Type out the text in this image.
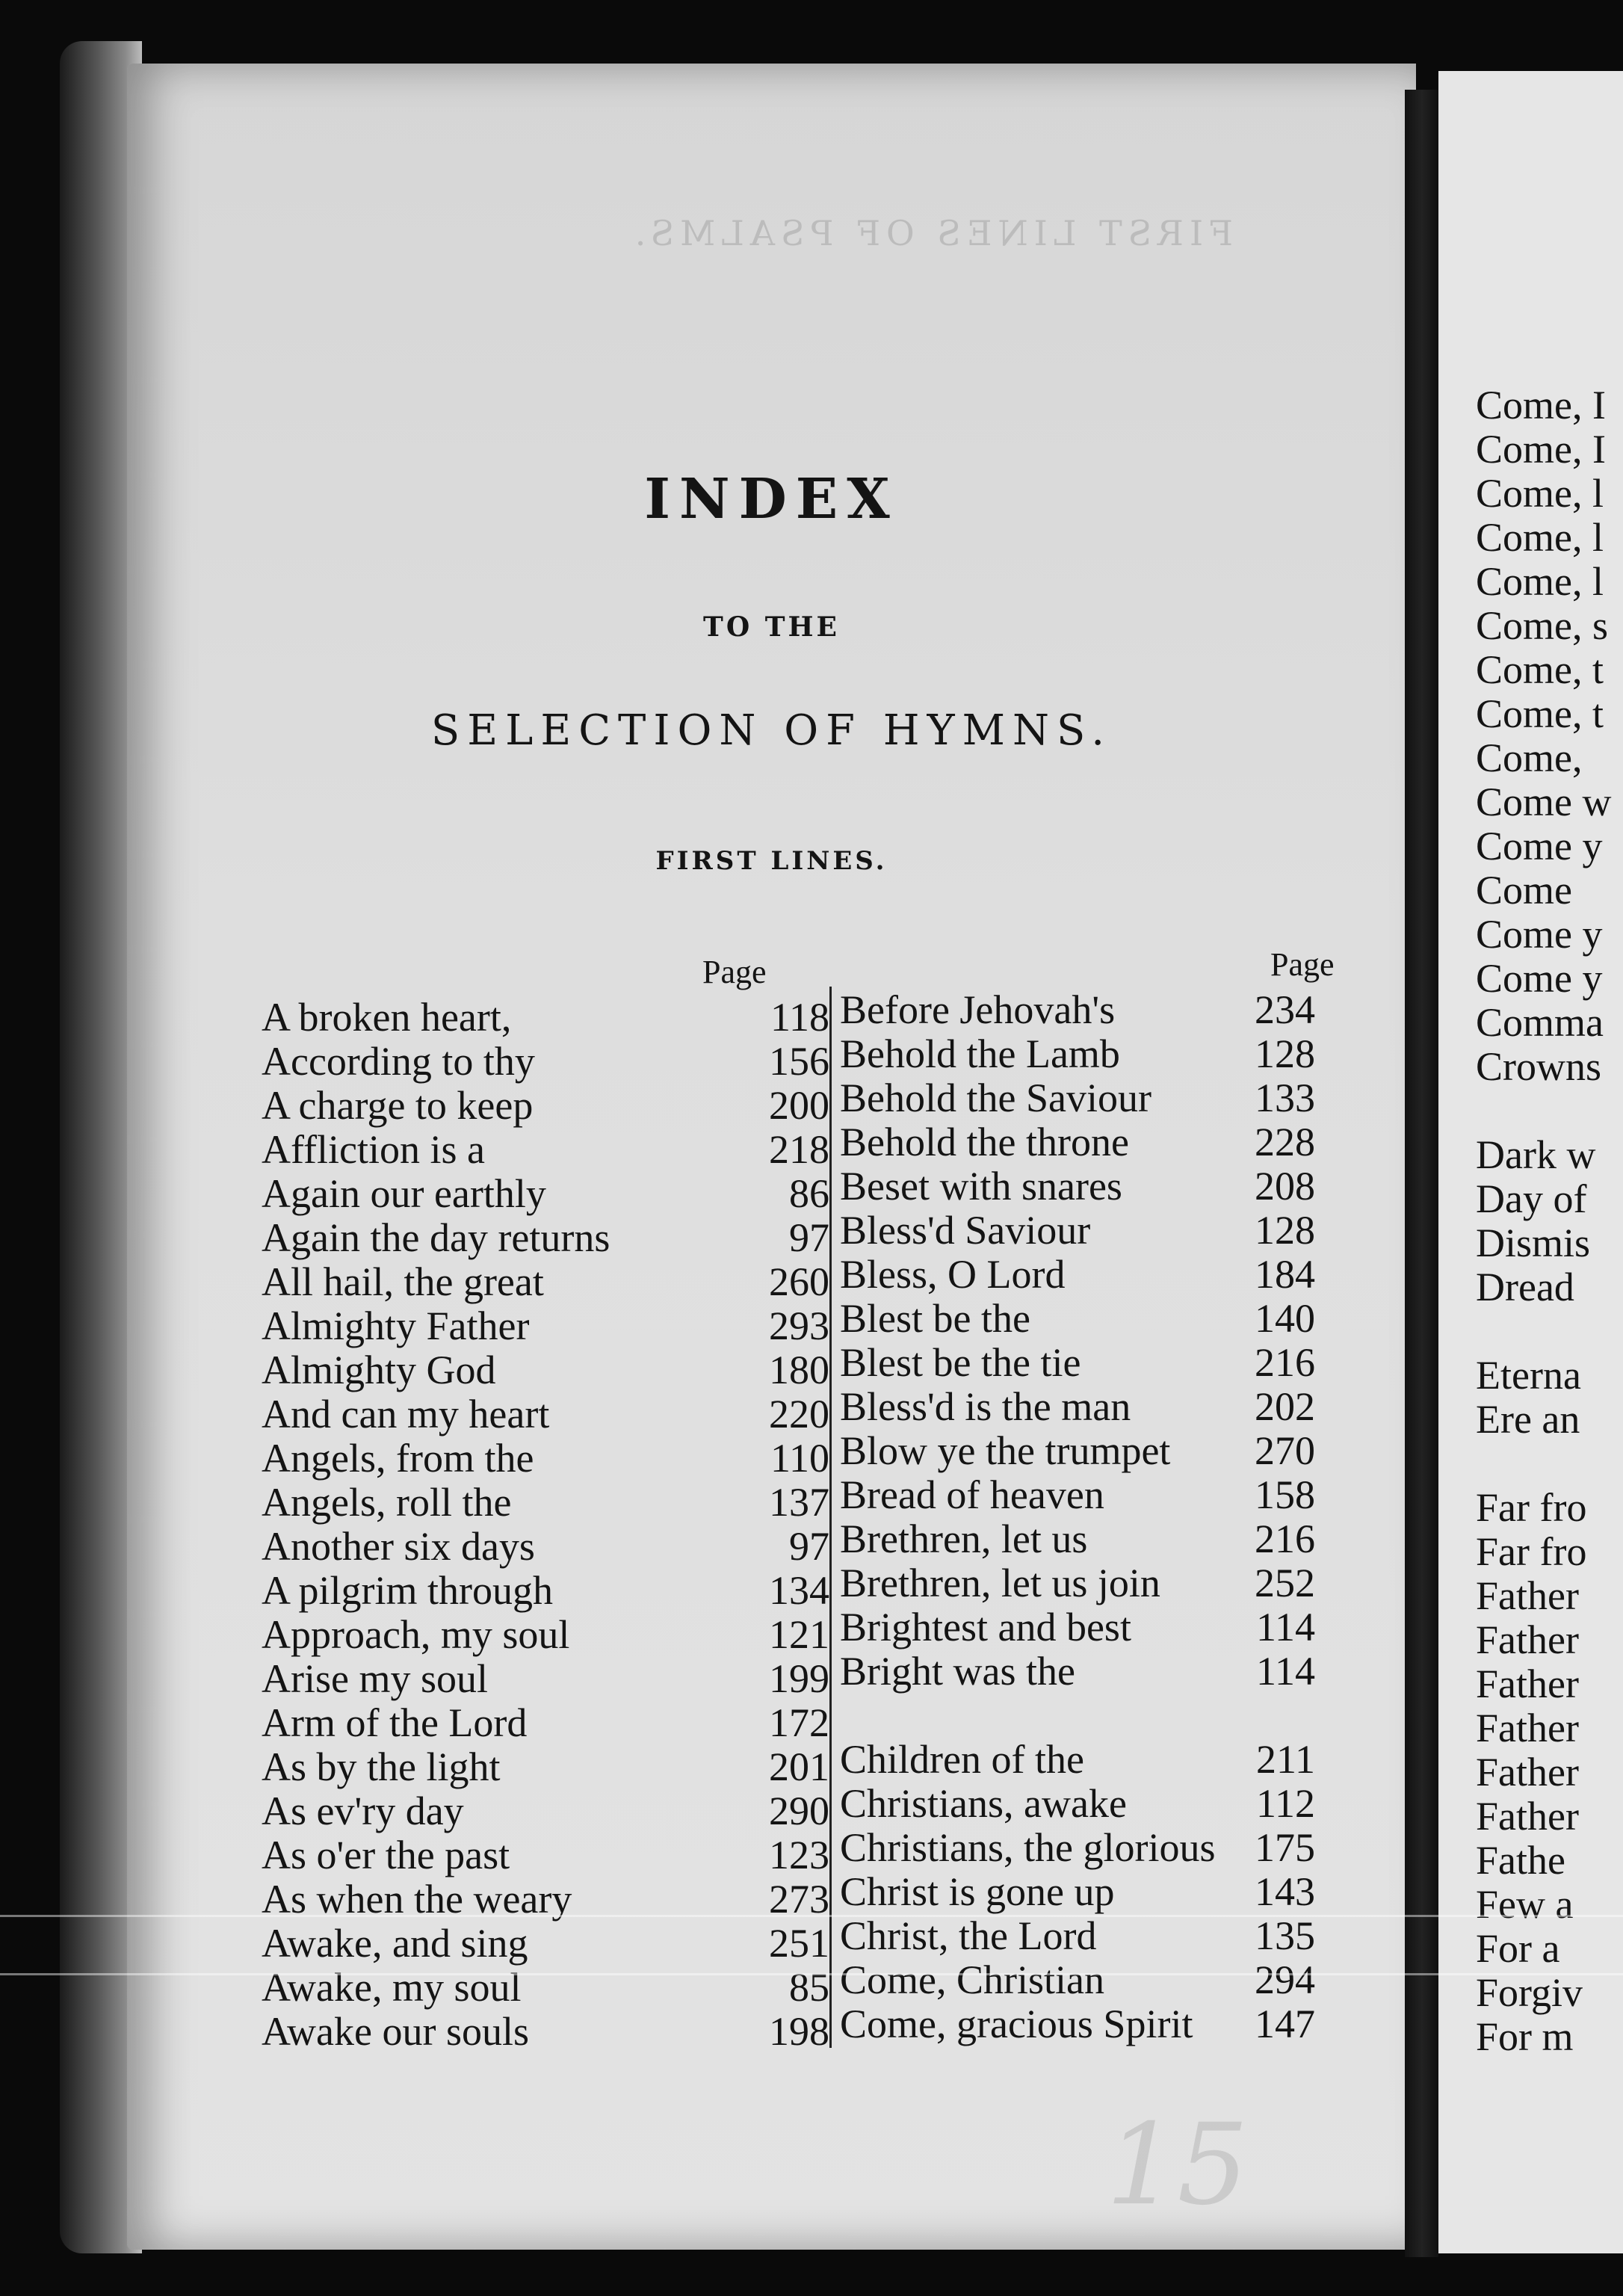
FIRST LINES OF PSALMS.
INDEX
TO THE
SELECTION OF HYMNS.
FIRST LINES.
Page	Page
A broken heart,	118
According to thy	156
A charge to keep	200
Affliction is a	218
Again our earthly	86
Again the day returns	97
All hail, the great	260
Almighty Father	293
Almighty God	180
And can my heart	220
Angels, from the	110
Angels, roll the	137
Another six days	97
A pilgrim through	134
Approach, my soul	121
Arise my soul	199
Arm of the Lord	172
As by the light	201
As ev'ry day	290
As o'er the past	123
As when the weary	273
Awake, and sing	251
Awake, my soul	85
Awake our souls	198
Before Jehovah's	234
Behold the Lamb	128
Behold the Saviour	133
Behold the throne	228
Beset with snares	208
Bless'd Saviour	128
Bless, O Lord	184
Blest be the	140
Blest be the tie	216
Bless'd is the man	202
Blow ye the trumpet 270
Bread of heaven	158
Brethren, let us	216
Brethren, let us join 252
Brightest and best	114
Bright was the	114
Children of the	211
Christians, awake	112
Christians, the glorious 175
Christ is gone up	143
Christ, the Lord	135
Come, Christian	294
Come, gracious Spirit 147
Come, I
Come, I
Come, l
Come, l
Come, l
Come, s
Come, t
Come, t
Come,
Come w
Come y
Come
Come y
Come y
Comma
Crowns
Dark w
Day of
Dismis
Dread
Eterna
Ere an
Far fro
Far fro
Father
Father
Father
Father
Father
Father
Fathe
Few a
For a
Forgiv
For m
15
